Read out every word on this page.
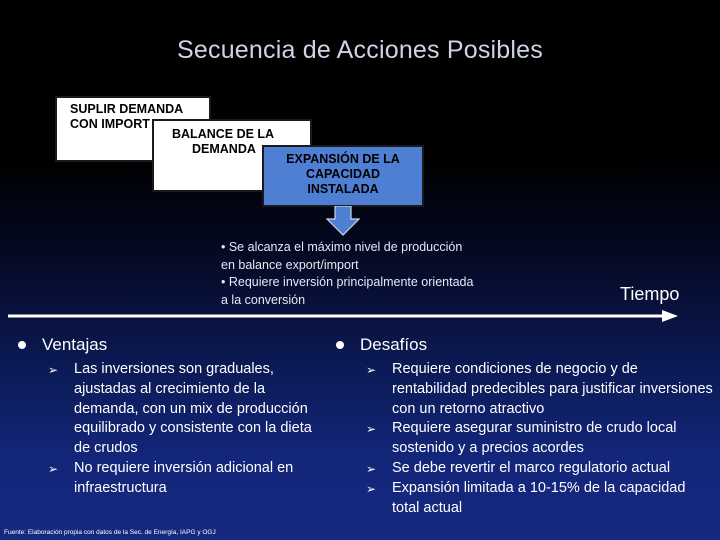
Secuencia de Acciones Posibles
SUPLIR DEMANDA
CON IMPORT
BALANCE DE LA
DEMANDA
EXPANSIÓN DE LA
CAPACIDAD
INSTALADA
• Se alcanza el máximo nivel de producción
en balance export/import
• Requiere inversión principalmente orientada
a la conversión	Tiempo
Ventajas
➢ Las inversiones son graduales, ajustadas al crecimiento de la demanda, con un mix de producción equilibrado y consistente con la dieta de crudos
➢ No requiere inversión adicional en infraestructura
Desafíos
➢ Requiere condiciones de negocio y de rentabilidad predecibles para justificar inversiones con un retorno atractivo
➢ Requiere asegurar suministro de crudo local sostenido y a precios acordes
➢ Se debe revertir el marco regulatorio actual
➢ Expansión limitada a 10-15% de la capacidad total actual
Fuente: Elaboración propia con datos de la Sec. de Energía, IAPG y OGJ
